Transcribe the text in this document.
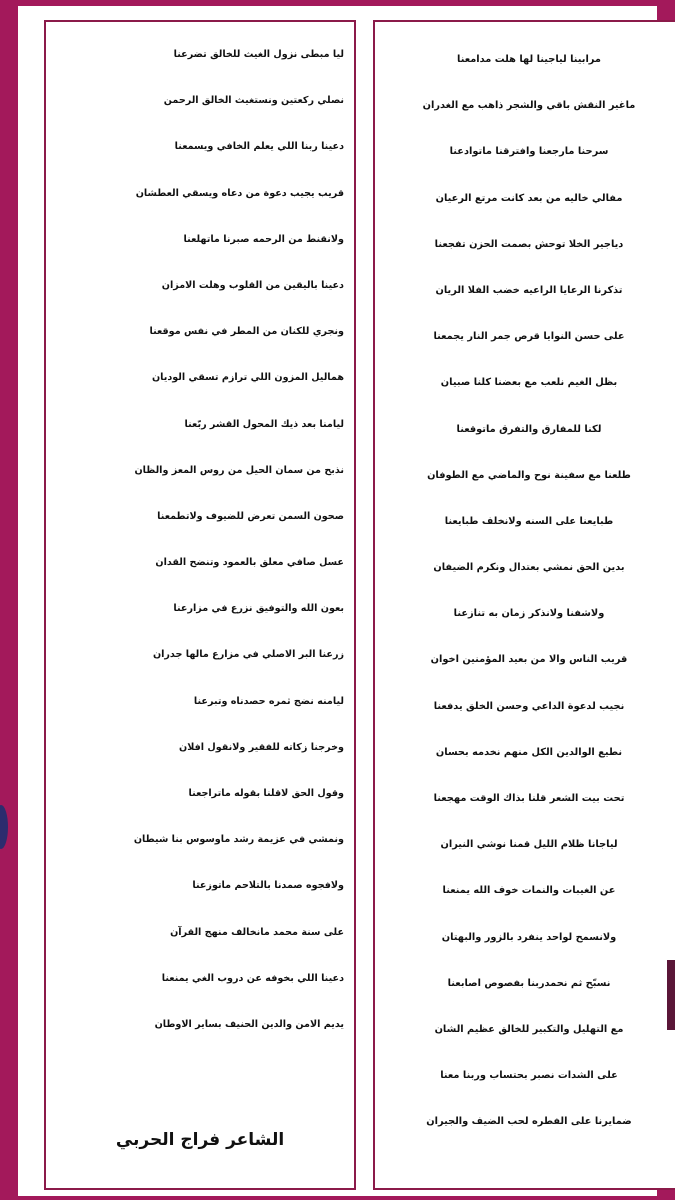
ليا مبطى نزول الغيث للخالق تضرعنا
نصلي ركعتين ونستغيث الخالق الرحمن
دعينا ربنا اللي يعلم الخافي ويسمعنا
قريب يجيب دعوة من دعاه ويسقي العطشان
ولانقنط من الرحمه صبرنا ماتهلعنا
دعينا باليقين من القلوب وهلت الامزان
ونجري للكنان من المطر في نفس موقعنا
هماليل المزون اللي ترازم تسقي الوديان
ليامنا بعد ذيك المحول القشر ربّعنا
نذبح من سمان الحيل من روس المعز والظان
صحون السمن تعرض للضيوف ولاتطمعنا
عسل صافي معلق بالعمود وتنضح القدان
بعون الله والتوفيق نزرع في مزارعنا
زرعنا البر الاصلي في مزارع مالها جدران
ليامنه نضج ثمره حصدناه وتبرعنا
وخرجنا زكاته للفقير ولانقول افلان
وقول الحق لاقلنا بقوله ماتراجعنا
ونمشي في عزيمة رشد ماوسوس بنا شيطان
ولافجوه صمدنا بالتلاحم ماتوزعنا
على سنة محمد مانخالف منهج القرآن
دعينا اللي بخوفه عن دروب الغي يمنعنا
يديم الامن والدين الحنيف بساير الاوطان
الشاعر فراج الحربي
مرابينا لياجينا لها هلت مدامعنا
ماغير النقش باقي والشجر ذاهب مع الغدران
سرحنا مارجعنا وافترقنا ماتوادعنا
مفالي خاليه من بعد كانت مرتع الرعيان
دياجير الخلا توحش بصمت الحزن تفجعنا
تذكرنا الرعايا الراعيه خضب الفلا الريان
على حسن النوايا قرص جمر النار يجمعنا
بظل الغيم نلعب مع بعضنا كلنا صبيان
لكنا للمفارق والتفرق ماتوقعنا
طلعنا مع سفينة نوح والماضي مع الطوفان
طبايعنا على السنه ولانخلف طبايعنا
بدين الحق نمشي بعتدال ونكرم الضيفان
ولاشفنا ولانذكر زمان به تنازعنا
قريب الناس والا من بعيد المؤمنين اخوان
نجيب لدعوة الداعي وحسن الخلق يدفعنا
نطيع الوالدين الكل منهم نخدمه بحسان
تحت بيت الشعر قلنا بذاك الوقت مهجعنا
لياجانا ظلام الليل قمنا نوشي النيران
عن الغيبات والنمات خوف الله يمنعنا
ولانسمح لواحد ينفرد بالزور والبهتان
نسبّح ثم نحمدربنا بفصوص اصابعنا
مع التهليل والتكبير للخالق عظيم الشان
على الشدات نصبر بحتساب وربنا معنا
ضمايرنا على الفطره لحب الضيف والجيران
